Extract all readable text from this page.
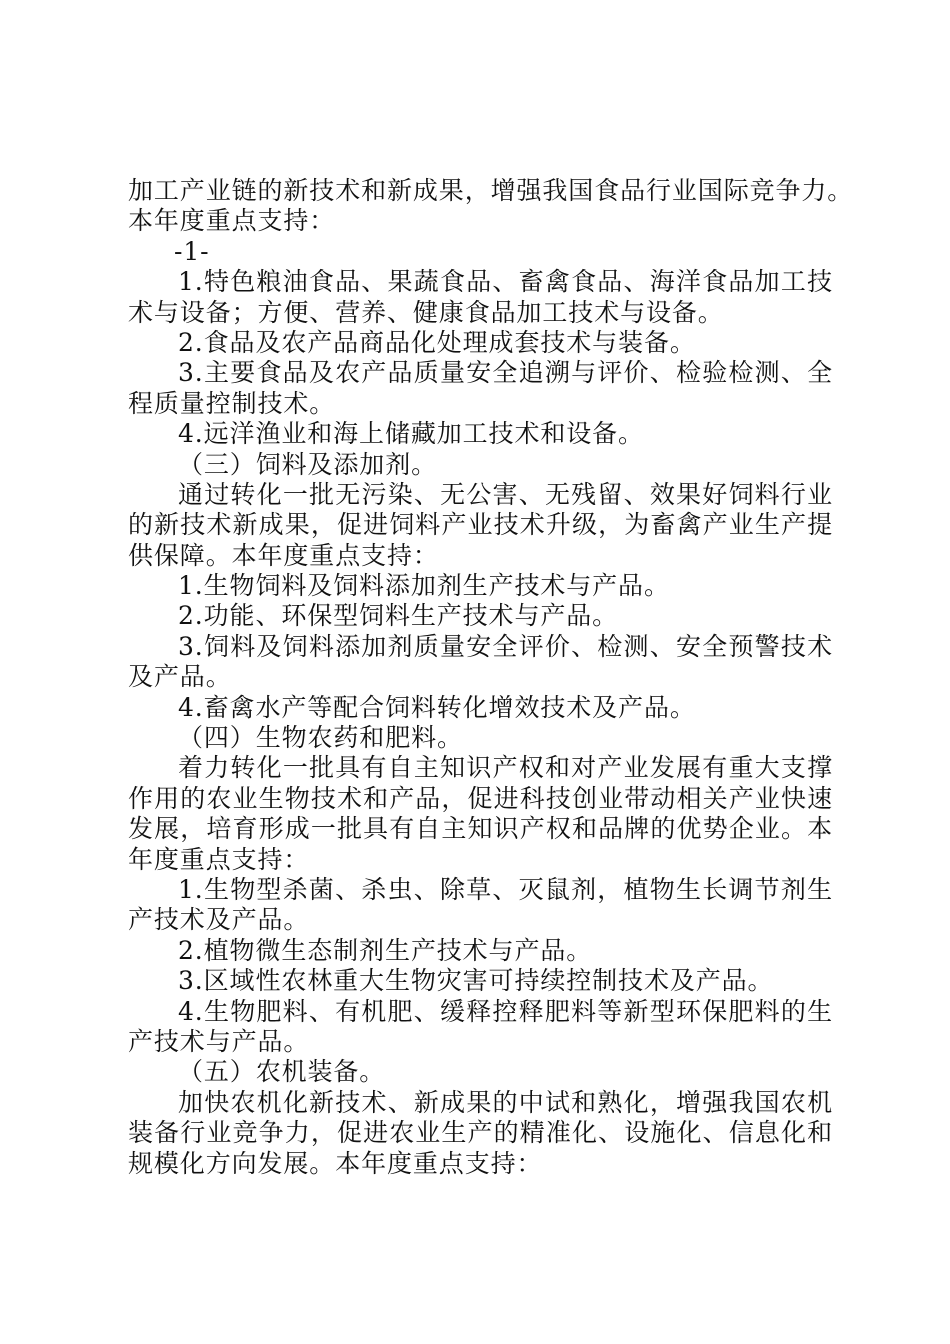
加工产业链的新技术和新成果，增强我国食品行业国际竞争力。
本年度重点支持：
-1-
1.特色粮油食品、果蔬食品、畜禽食品、海洋食品加工技
术与设备；方便、营养、健康食品加工技术与设备。
2.食品及农产品商品化处理成套技术与装备。
3.主要食品及农产品质量安全追溯与评价、检验检测、全
程质量控制技术。
4.远洋渔业和海上储藏加工技术和设备。
（三）饲料及添加剂。
通过转化一批无污染、无公害、无残留、效果好饲料行业
的新技术新成果，促进饲料产业技术升级，为畜禽产业生产提
供保障。本年度重点支持：
1.生物饲料及饲料添加剂生产技术与产品。
2.功能、环保型饲料生产技术与产品。
3.饲料及饲料添加剂质量安全评价、检测、安全预警技术
及产品。
4.畜禽水产等配合饲料转化增效技术及产品。
（四）生物农药和肥料。
着力转化一批具有自主知识产权和对产业发展有重大支撑
作用的农业生物技术和产品，促进科技创业带动相关产业快速
发展，培育形成一批具有自主知识产权和品牌的优势企业。本
年度重点支持：
1.生物型杀菌、杀虫、除草、灭鼠剂，植物生长调节剂生
产技术及产品。
2.植物微生态制剂生产技术与产品。
3.区域性农林重大生物灾害可持续控制技术及产品。
4.生物肥料、有机肥、缓释控释肥料等新型环保肥料的生
产技术与产品。
（五）农机装备。
加快农机化新技术、新成果的中试和熟化，增强我国农机
装备行业竞争力，促进农业生产的精准化、设施化、信息化和
规模化方向发展。本年度重点支持：
